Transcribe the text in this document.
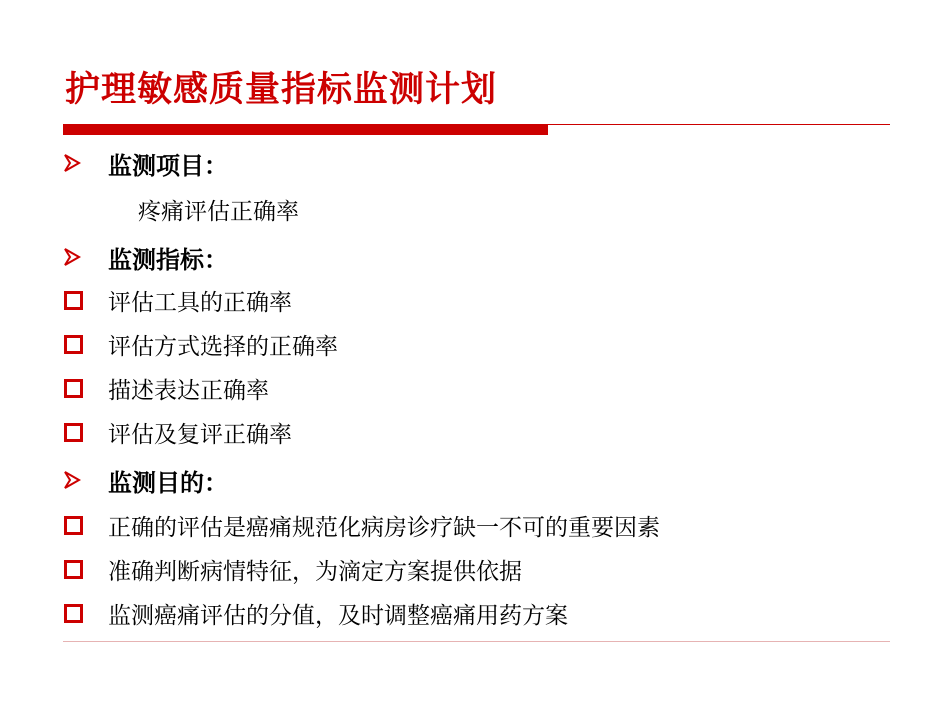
护理敏感质量指标监测计划
监测项目：
疼痛评估正确率
监测指标：
评估工具的正确率
评估方式选择的正确率
描述表达正确率
评估及复评正确率
监测目的：
正确的评估是癌痛规范化病房诊疗缺一不可的重要因素
准确判断病情特征，为滴定方案提供依据
监测癌痛评估的分值，及时调整癌痛用药方案
